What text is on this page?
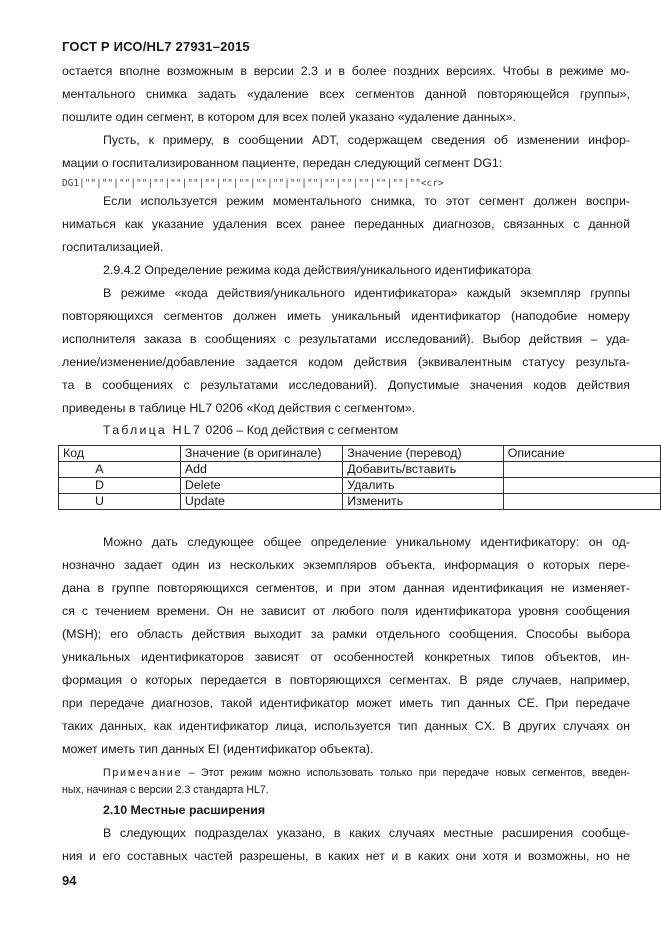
ГОСТ Р ИСО/HL7 27931–2015
остается вполне возможным в версии 2.3 и в более поздних версиях. Чтобы в режиме мо-
ментального снимка задать «удаление всех сегментов данной повторяющейся группы»,
пошлите один сегмент, в котором для всех полей указано «удаление данных».
Пусть, к примеру, в сообщении ADT, содержащем сведения об изменении инфор-
мации о госпитализированном пациенте, передан следующий сегмент DG1:
DG1|""|""|""|""|""|""|""|""|""|""|""|""|""|""|""|""|""|""|""|""<cr>
Если используется режим моментального снимка, то этот сегмент должен воспри-
ниматься как указание удаления всех ранее переданных диагнозов, связанных с данной
госпитализацией.
2.9.4.2 Определение режима кода действия/уникального идентификатора
В режиме «кода действия/уникального идентификатора» каждый экземпляр группы
повторяющихся сегментов должен иметь уникальный идентификатор (наподобие номеру
исполнителя заказа в сообщениях с результатами исследований). Выбор действия – уда-
ление/изменение/добавление задается кодом действия (эквивалентным статусу результа-
та в сообщениях с результатами исследований). Допустимые значения кодов действия
приведены в таблице HL7 0206 «Код действия с сегментом».
Таблица HL7 0206 – Код действия с сегментом
Код	Значение (в оригинале)	Значение (перевод)	Описание
A	Add	Добавить/вставить	
D	Delete	Удалить	
U	Update	Изменить	
Можно дать следующее общее определение уникальному идентификатору: он од-
нозначно задает один из нескольких экземпляров объекта, информация о которых пере-
дана в группе повторяющихся сегментов, и при этом данная идентификация не изменяет-
ся с течением времени. Он не зависит от любого поля идентификатора уровня сообщения
(MSH); его область действия выходит за рамки отдельного сообщения. Способы выбора
уникальных идентификаторов зависят от особенностей конкретных типов объектов, ин-
формация о которых передается в повторяющихся сегментах. В ряде случаев, например,
при передаче диагнозов, такой идентификатор может иметь тип данных CE. При передаче
таких данных, как идентификатор лица, используется тип данных CX. В других случаях он
может иметь тип данных EI (идентификатор объекта).
Примечание – Этот режим можно использовать только при передаче новых сегментов, введен-
ных, начиная с версии 2.3 стандарта HL7.
2.10 Местные расширения
В следующих подразделах указано, в каких случаях местные расширения сообще-
ния и его составных частей разрешены, в каких нет и в каких они хотя и возможны, но не
94
